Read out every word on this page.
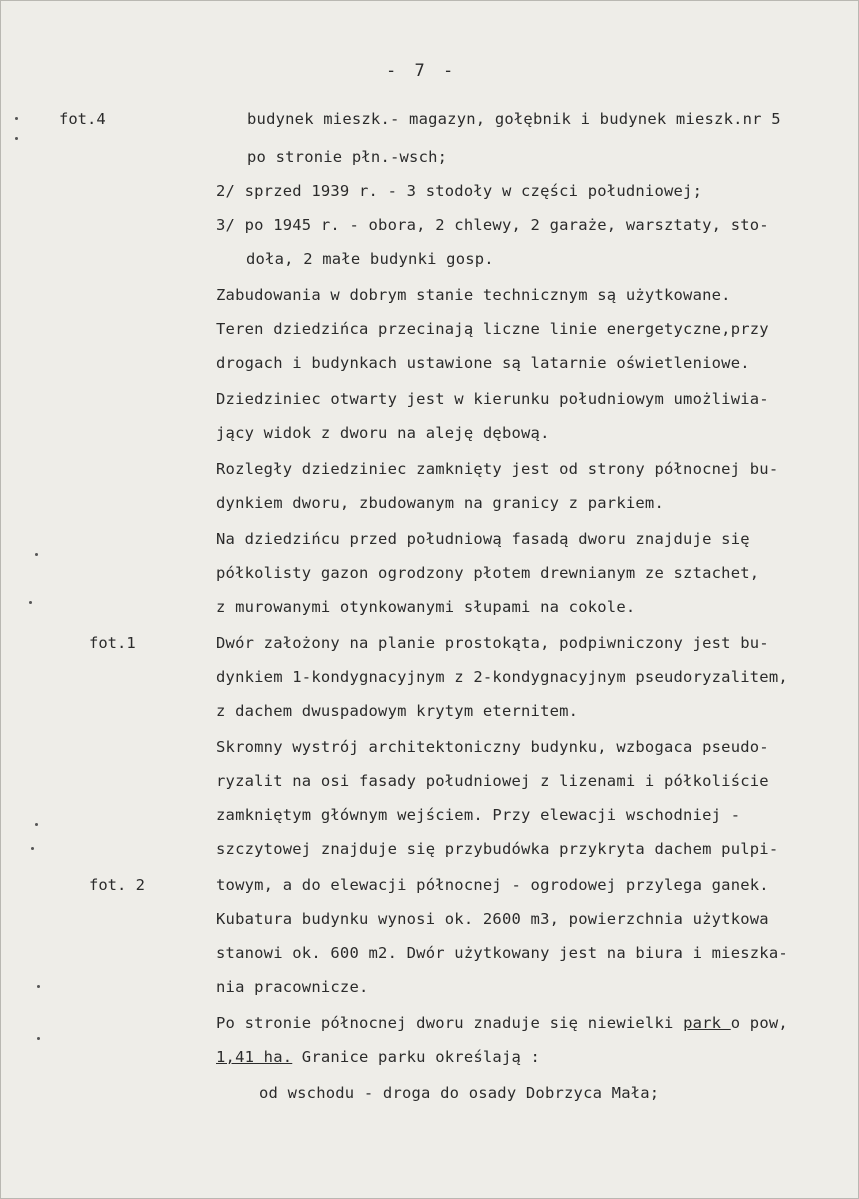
- 7 -
fot.4
fot.1
fot. 2
budynek mieszk.- magazyn, gołębnik i budynek mieszk.nr 5
po stronie płn.-wsch;
2/ sprzed 1939 r. - 3 stodoły w części południowej;
3/ po 1945 r. - obora, 2 chlewy, 2 garaże, warsztaty, sto-
doła, 2 małe budynki gosp.
Zabudowania w dobrym stanie technicznym są użytkowane.
Teren dziedzińca przecinają liczne linie energetyczne,przy
drogach i budynkach ustawione są latarnie oświetleniowe.
Dziedziniec otwarty jest w kierunku południowym umożliwia-
jący widok z dworu na aleję dębową.
Rozległy dziedziniec zamknięty jest od strony północnej bu-
dynkiem dworu, zbudowanym na granicy z parkiem.
Na dziedzińcu przed południową fasadą dworu znajduje się
półkolisty gazon ogrodzony płotem drewnianym ze sztachet,
z murowanymi otynkowanymi słupami na cokole.
Dwór założony na planie prostokąta, podpiwniczony jest bu-
dynkiem 1-kondygnacyjnym z 2-kondygnacyjnym pseudoryzalitem,
z dachem dwuspadowym krytym eternitem.
Skromny wystrój architektoniczny budynku, wzbogaca pseudo-
ryzalit na osi fasady południowej z lizenami i półkoliście
zamkniętym głównym wejściem. Przy elewacji wschodniej -
szczytowej znajduje się przybudówka przykryta dachem pulpi-
towym, a do elewacji północnej - ogrodowej przylega ganek.
Kubatura budynku wynosi ok. 2600 m3, powierzchnia użytkowa
stanowi ok. 600 m2. Dwór użytkowany jest na biura i mieszka-
nia pracownicze.
Po stronie północnej dworu znaduje się niewielki park o pow,
1,41 ha. Granice parku określają :
od wschodu - droga do osady Dobrzyca Mała;
